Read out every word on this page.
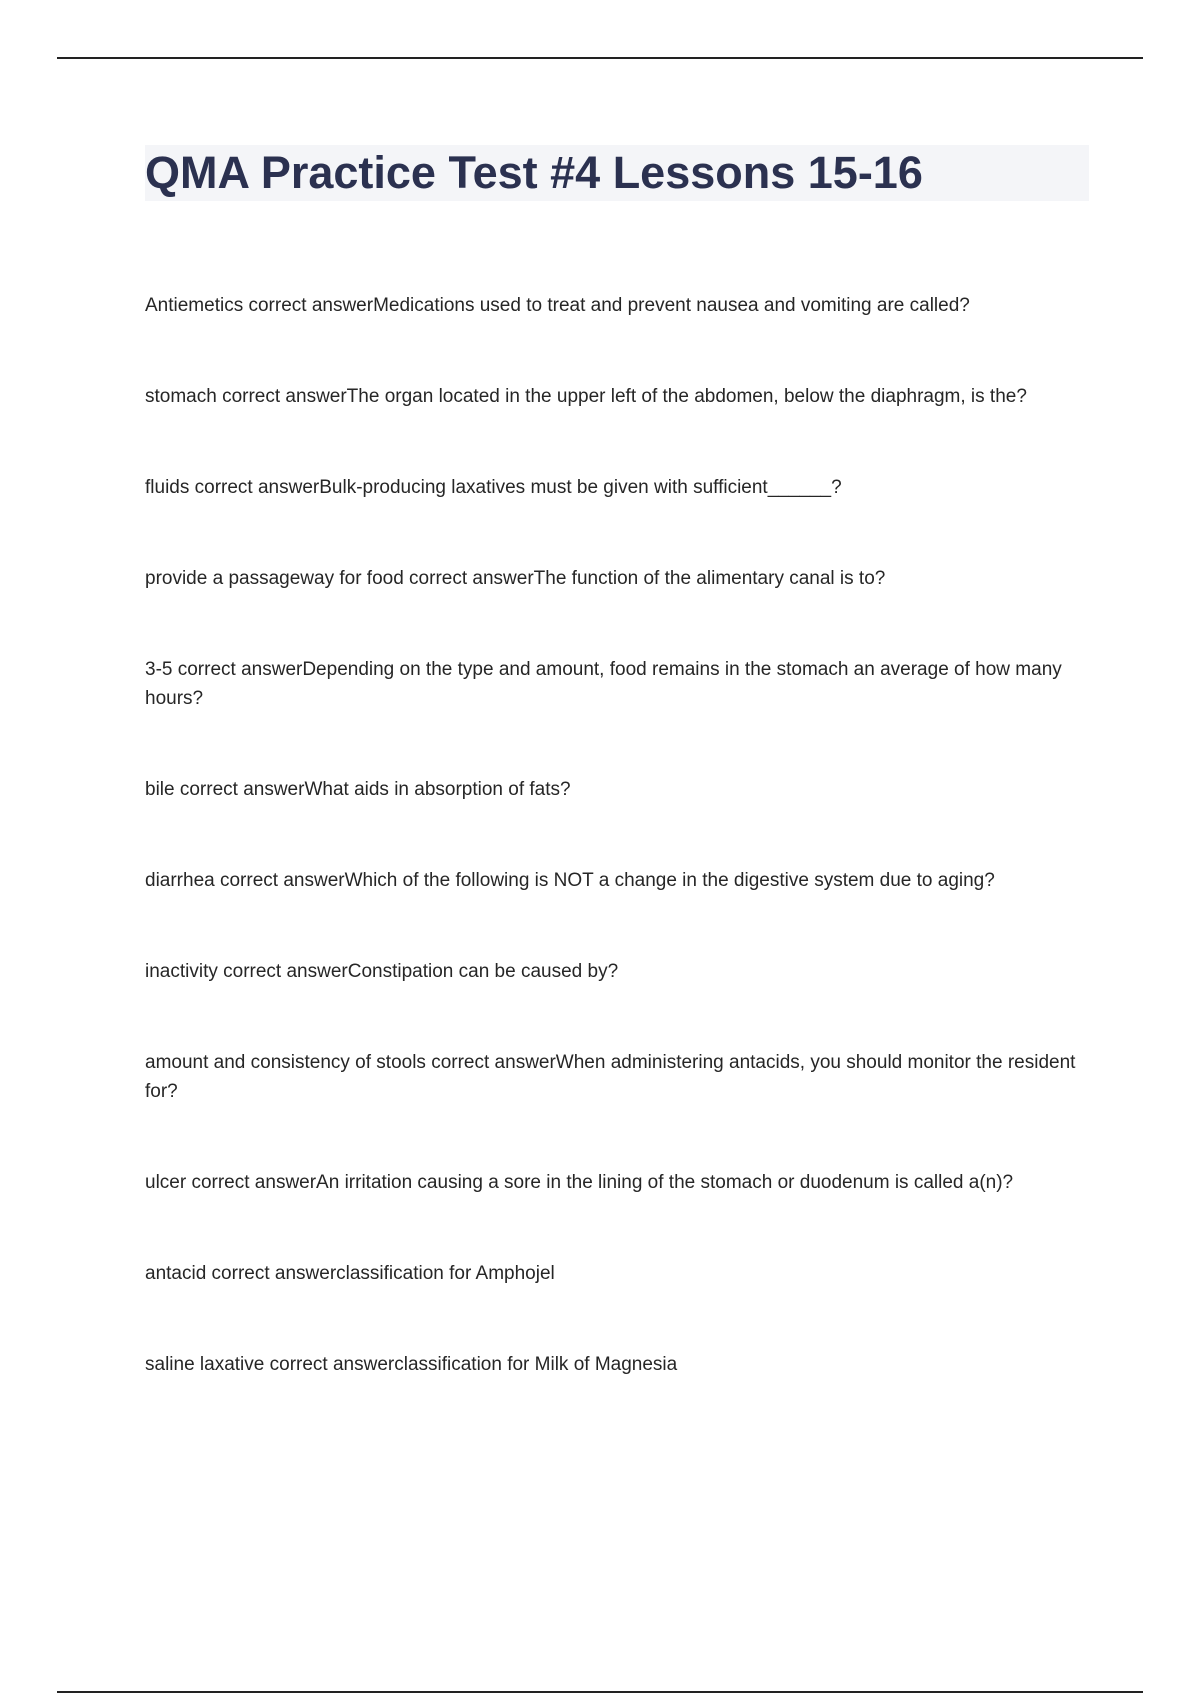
QMA Practice Test #4 Lessons 15-16
Antiemetics correct answerMedications used to treat and prevent nausea and vomiting are called?
stomach correct answerThe organ located in the upper left of the abdomen, below the diaphragm, is the?
fluids correct answerBulk-producing laxatives must be given with sufficient______?
provide a passageway for food correct answerThe function of the alimentary canal is to?
3-5 correct answerDepending on the type and amount, food remains in the stomach an average of how many hours?
bile correct answerWhat aids in absorption of fats?
diarrhea correct answerWhich of the following is NOT a change in the digestive system due to aging?
inactivity correct answerConstipation can be caused by?
amount and consistency of stools correct answerWhen administering antacids, you should monitor the resident for?
ulcer correct answerAn irritation causing a sore in the lining of the stomach or duodenum is called a(n)?
antacid correct answerclassification for Amphojel
saline laxative correct answerclassification for Milk of Magnesia
